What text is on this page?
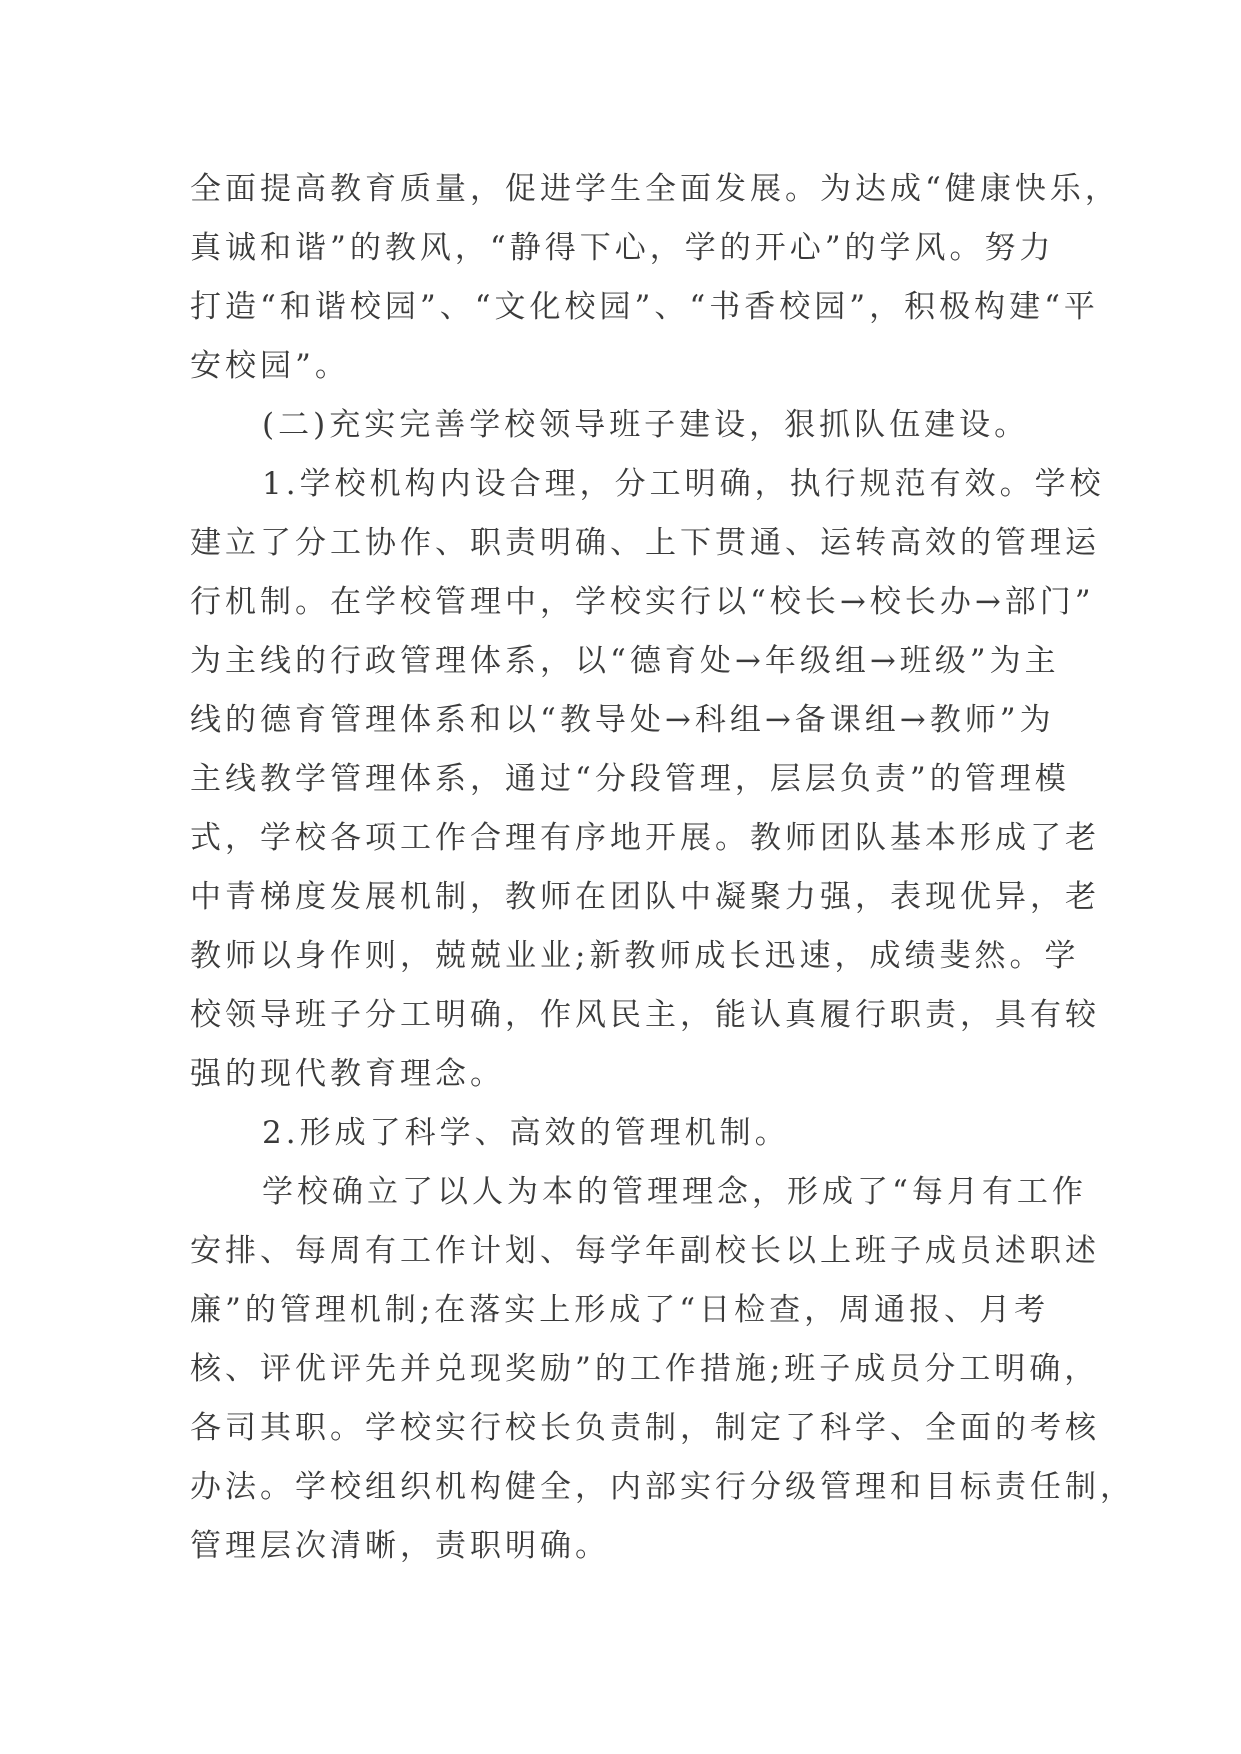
全面提高教育质量，促进学生全面发展。为达成“健康快乐，
真诚和谐”的教风，“静得下心，学的开心”的学风。努力
打造“和谐校园”、“文化校园”、“书香校园”，积极构建“平
安校园”。
(二)充实完善学校领导班子建设，狠抓队伍建设。
1.学校机构内设合理，分工明确，执行规范有效。学校
建立了分工协作、职责明确、上下贯通、运转高效的管理运
行机制。在学校管理中，学校实行以“校长→校长办→部门”
为主线的行政管理体系，以“德育处→年级组→班级”为主
线的德育管理体系和以“教导处→科组→备课组→教师”为
主线教学管理体系，通过“分段管理，层层负责”的管理模
式，学校各项工作合理有序地开展。教师团队基本形成了老
中青梯度发展机制，教师在团队中凝聚力强，表现优异，老
教师以身作则，兢兢业业;新教师成长迅速，成绩斐然。学
校领导班子分工明确，作风民主，能认真履行职责，具有较
强的现代教育理念。
2.形成了科学、高效的管理机制。
学校确立了以人为本的管理理念，形成了“每月有工作
安排、每周有工作计划、每学年副校长以上班子成员述职述
廉”的管理机制;在落实上形成了“日检查，周通报、月考
核、评优评先并兑现奖励”的工作措施;班子成员分工明确，
各司其职。学校实行校长负责制，制定了科学、全面的考核
办法。学校组织机构健全，内部实行分级管理和目标责任制，
管理层次清晰，责职明确。
